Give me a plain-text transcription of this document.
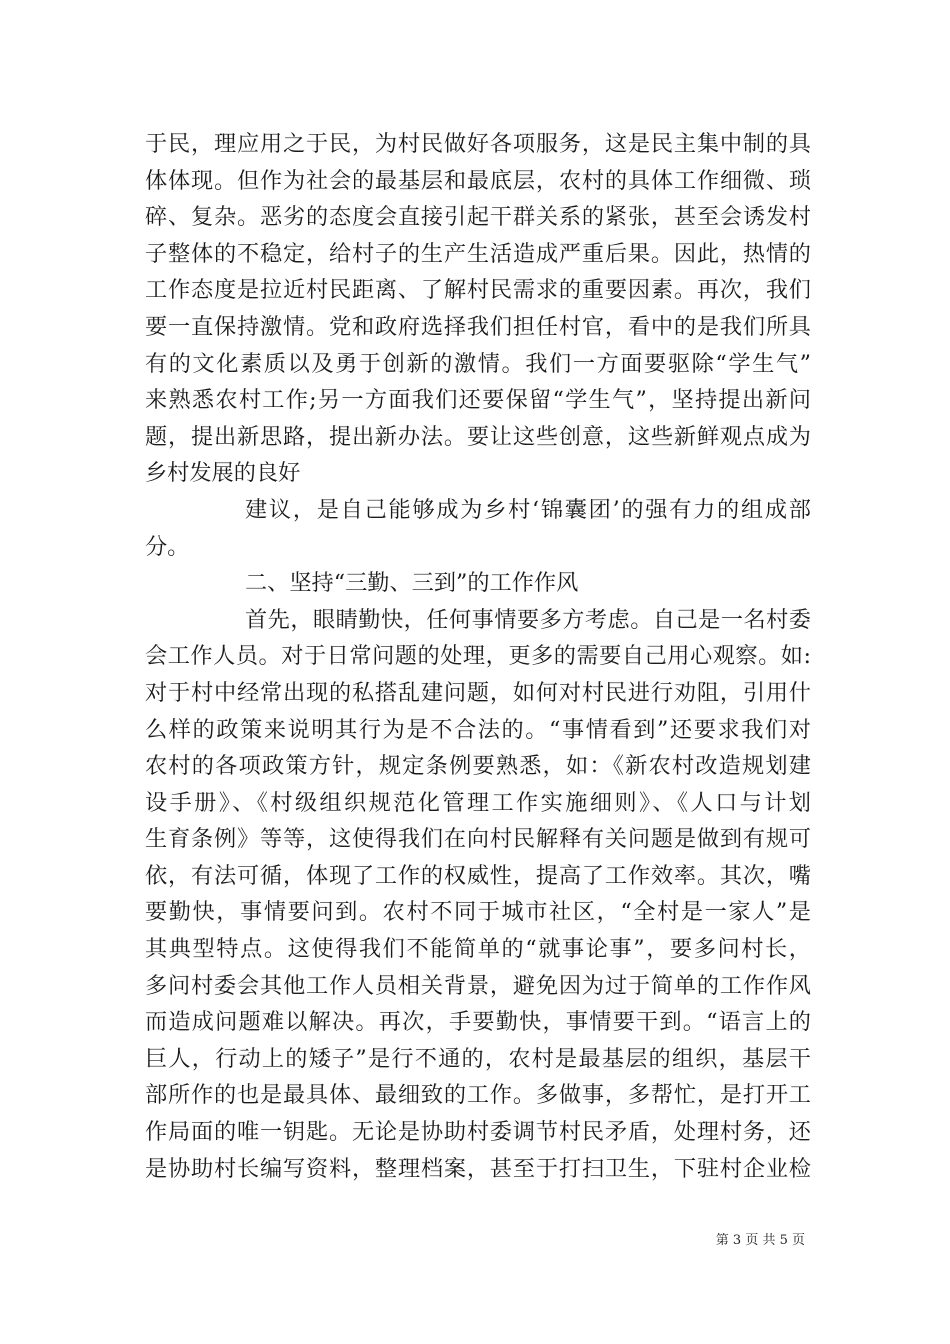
于民，理应用之于民，为村民做好各项服务，这是民主集中制的具
体体现。但作为社会的最基层和最底层，农村的具体工作细微、琐
碎、复杂。恶劣的态度会直接引起干群关系的紧张，甚至会诱发村
子整体的不稳定，给村子的生产生活造成严重后果。因此，热情的
工作态度是拉近村民距离、了解村民需求的重要因素。再次，我们
要一直保持激情。党和政府选择我们担任村官，看中的是我们所具
有的文化素质以及勇于创新的激情。我们一方面要驱除“学生气”
来熟悉农村工作;另一方面我们还要保留“学生气”，坚持提出新问
题，提出新思路，提出新办法。要让这些创意，这些新鲜观点成为
乡村发展的良好
建议，是自己能够成为乡村‘锦囊团’的强有力的组成部
分。
二、坚持“三勤、三到”的工作作风
首先，眼睛勤快，任何事情要多方考虑。自己是一名村委
会工作人员。对于日常问题的处理，更多的需要自己用心观察。如:
对于村中经常出现的私搭乱建问题，如何对村民进行劝阻，引用什
么样的政策来说明其行为是不合法的。“事情看到”还要求我们对
农村的各项政策方针，规定条例要熟悉，如：《新农村改造规划建
设手册》、《村级组织规范化管理工作实施细则》、《人口与计划
生育条例》等等，这使得我们在向村民解释有关问题是做到有规可
依，有法可循，体现了工作的权威性，提高了工作效率。其次，嘴
要勤快，事情要问到。农村不同于城市社区，“全村是一家人”是
其典型特点。这使得我们不能简单的“就事论事”，要多问村长，
多问村委会其他工作人员相关背景，避免因为过于简单的工作作风
而造成问题难以解决。再次，手要勤快，事情要干到。“语言上的
巨人，行动上的矮子”是行不通的，农村是最基层的组织，基层干
部所作的也是最具体、最细致的工作。多做事，多帮忙，是打开工
作局面的唯一钥匙。无论是协助村委调节村民矛盾，处理村务，还
是协助村长编写资料，整理档案，甚至于打扫卫生，下驻村企业检
第 3 页 共 5 页
